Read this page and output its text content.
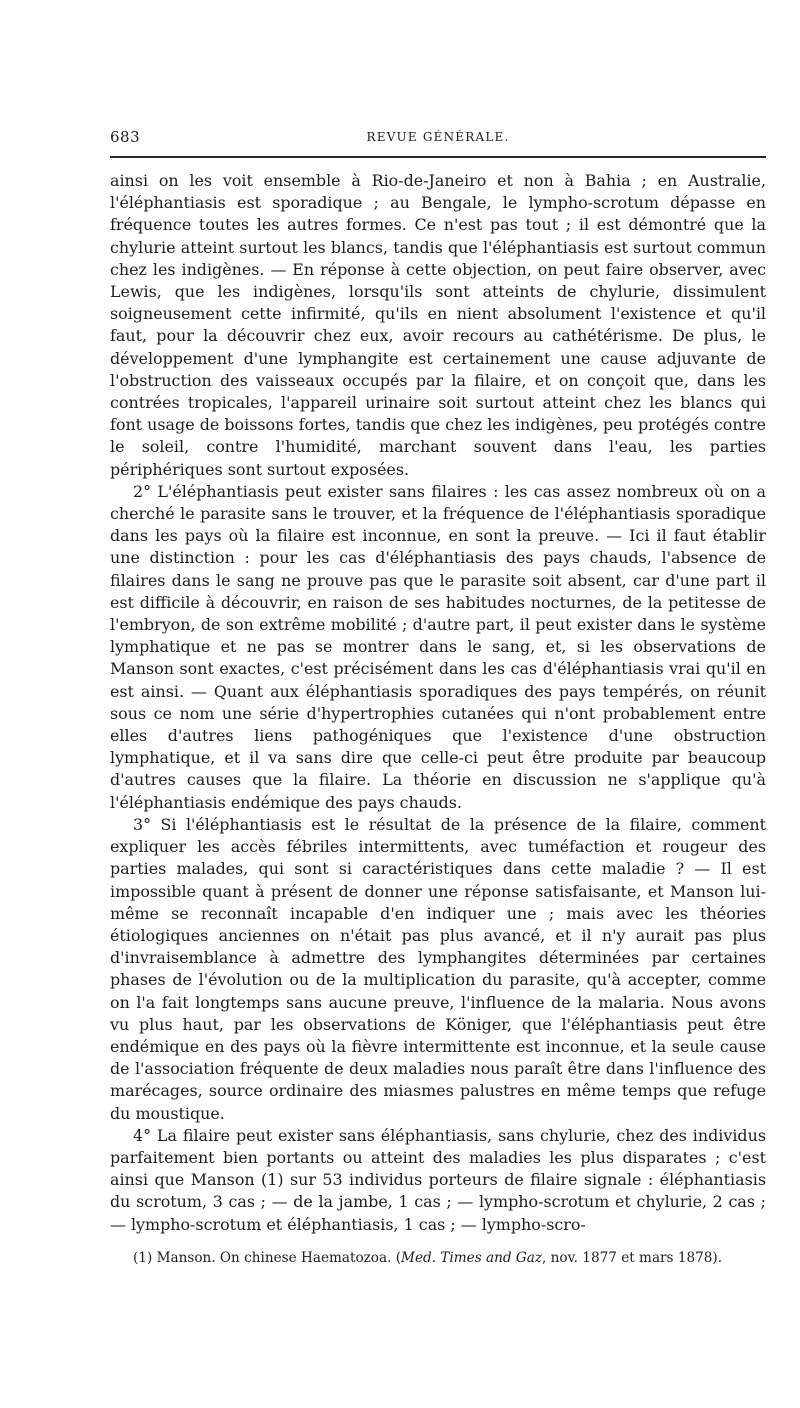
683	REVUE GÉNÉRALE.

ainsi on les voit ensemble à Rio-de-Janeiro et non à Bahia ; en Australie, l'éléphantiasis est sporadique ; au Bengale, le lympho-scrotum dépasse en fréquence toutes les autres formes. Ce n'est pas tout ; il est démontré que la chylurie atteint surtout les blancs, tandis que l'éléphantiasis est surtout commun chez les indigènes. — En réponse à cette objection, on peut faire observer, avec Lewis, que les indigènes, lorsqu'ils sont atteints de chylurie, dissimulent soigneusement cette infirmité, qu'ils en nient absolument l'existence et qu'il faut, pour la découvrir chez eux, avoir recours au cathétérisme. De plus, le développement d'une lymphangite est certainement une cause adjuvante de l'obstruction des vaisseaux occupés par la filaire, et on conçoit que, dans les contrées tropicales, l'appareil urinaire soit surtout atteint chez les blancs qui font usage de boissons fortes, tandis que chez les indigènes, peu protégés contre le soleil, contre l'humidité, marchant souvent dans l'eau, les parties périphériques sont surtout exposées.

2° L'éléphantiasis peut exister sans filaires : les cas assez nombreux où on a cherché le parasite sans le trouver, et la fréquence de l'éléphantiasis sporadique dans les pays où la filaire est inconnue, en sont la preuve. — Ici il faut établir une distinction : pour les cas d'éléphantiasis des pays chauds, l'absence de filaires dans le sang ne prouve pas que le parasite soit absent, car d'une part il est difficile à découvrir, en raison de ses habitudes nocturnes, de la petitesse de l'embryon, de son extrême mobilité ; d'autre part, il peut exister dans le système lymphatique et ne pas se montrer dans le sang, et, si les observations de Manson sont exactes, c'est précisément dans les cas d'éléphantiasis vrai qu'il en est ainsi. — Quant aux éléphantiasis sporadiques des pays tempérés, on réunit sous ce nom une série d'hypertrophies cutanées qui n'ont probablement entre elles d'autres liens pathogéniques que l'existence d'une obstruction lymphatique, et il va sans dire que celle-ci peut être produite par beaucoup d'autres causes que la filaire. La théorie en discussion ne s'applique qu'à l'éléphantiasis endémique des pays chauds.

3° Si l'éléphantiasis est le résultat de la présence de la filaire, comment expliquer les accès fébriles intermittents, avec tuméfaction et rougeur des parties malades, qui sont si caractéristiques dans cette maladie ? — Il est impossible quant à présent de donner une réponse satisfaisante, et Manson lui-même se reconnaît incapable d'en indiquer une ; mais avec les théories étiologiques anciennes on n'était pas plus avancé, et il n'y aurait pas plus d'invraisemblance à admettre des lymphangites déterminées par certaines phases de l'évolution ou de la multiplication du parasite, qu'à accepter, comme on l'a fait longtemps sans aucune preuve, l'influence de la malaria. Nous avons vu plus haut, par les observations de Königer, que l'éléphantiasis peut être endémique en des pays où la fièvre intermittente est inconnue, et la seule cause de l'association fréquente de deux maladies nous paraît être dans l'influence des marécages, source ordinaire des miasmes palustres en même temps que refuge du moustique.

4° La filaire peut exister sans éléphantiasis, sans chylurie, chez des individus parfaitement bien portants ou atteint des maladies les plus disparates ; c'est ainsi que Manson (1) sur 53 individus porteurs de filaire signale : éléphantiasis du scrotum, 3 cas ; — de la jambe, 1 cas ; — lympho-scrotum et chylurie, 2 cas ; — lympho-scrotum et éléphantiasis, 1 cas ; — lympho-scro-

(1) Manson. On chinese Haematozoa. (Med. Times and Gaz, nov. 1877 et mars 1878).
